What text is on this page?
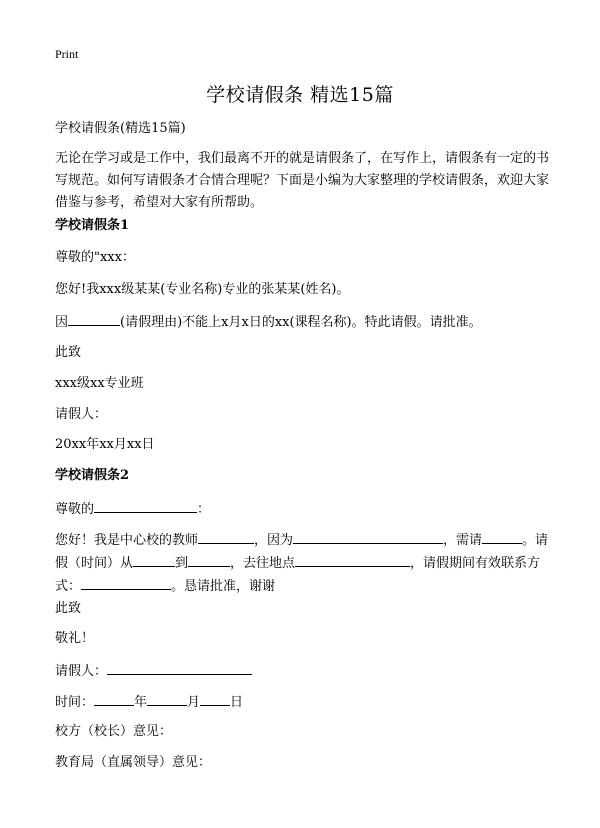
Print
学校请假条 精选15篇
学校请假条(精选15篇)
无论在学习或是工作中，我们最离不开的就是请假条了，在写作上，请假条有一定的书写规范。如何写请假条才合情合理呢？下面是小编为大家整理的学校请假条，欢迎大家借鉴与参考，希望对大家有所帮助。
学校请假条1
尊敬的"xxx：
您好!我xxx级某某(专业名称)专业的张某某(姓名)。
因	(请假理由)不能上x月x日的xx(课程名称)。特此请假。请批准。
此致
xxx级xx专业班
请假人：
20xx年xx月xx日
学校请假条2
尊敬的	：
您好！我是中心校的教师	，因为	，需请	。请假（时间）从	到	，去往地点	，请假期间有效联系方式：	。恳请批准，谢谢
此致
敬礼！
请假人：
时间：	年	月 日
校方（校长）意见：
教育局（直属领导）意见：
